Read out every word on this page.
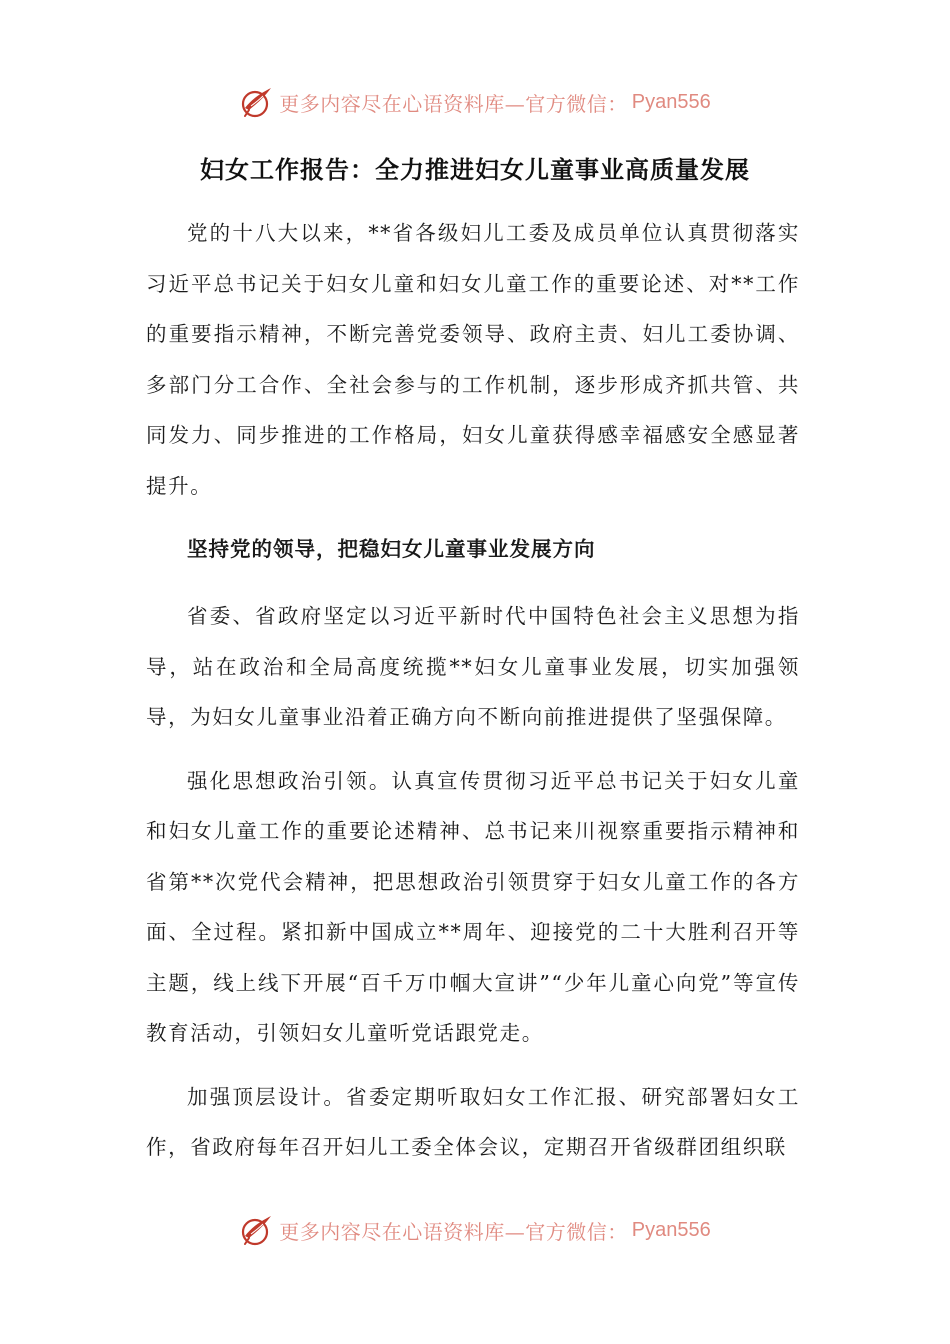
更多内容尽在心语资料库—官方微信： Pyan556
妇女工作报告：全力推进妇女儿童事业高质量发展

党的十八大以来，**省各级妇儿工委及成员单位认真贯彻落实习近平总书记关于妇女儿童和妇女儿童工作的重要论述、对**工作的重要指示精神，不断完善党委领导、政府主责、妇儿工委协调、多部门分工合作、全社会参与的工作机制，逐步形成齐抓共管、共同发力、同步推进的工作格局，妇女儿童获得感幸福感安全感显著提升。

坚持党的领导，把稳妇女儿童事业发展方向

省委、省政府坚定以习近平新时代中国特色社会主义思想为指导，站在政治和全局高度统揽**妇女儿童事业发展，切实加强领导，为妇女儿童事业沿着正确方向不断向前推进提供了坚强保障。

强化思想政治引领。认真宣传贯彻习近平总书记关于妇女儿童和妇女儿童工作的重要论述精神、总书记来川视察重要指示精神和省第**次党代会精神，把思想政治引领贯穿于妇女儿童工作的各方面、全过程。紧扣新中国成立**周年、迎接党的二十大胜利召开等主题，线上线下开展“百千万巾帼大宣讲”“少年儿童心向党”等宣传教育活动，引领妇女儿童听党话跟党走。

加强顶层设计。省委定期听取妇女工作汇报、研究部署妇女工作，省政府每年召开妇儿工委全体会议，定期召开省级群团组织联

更多内容尽在心语资料库—官方微信： Pyan556
